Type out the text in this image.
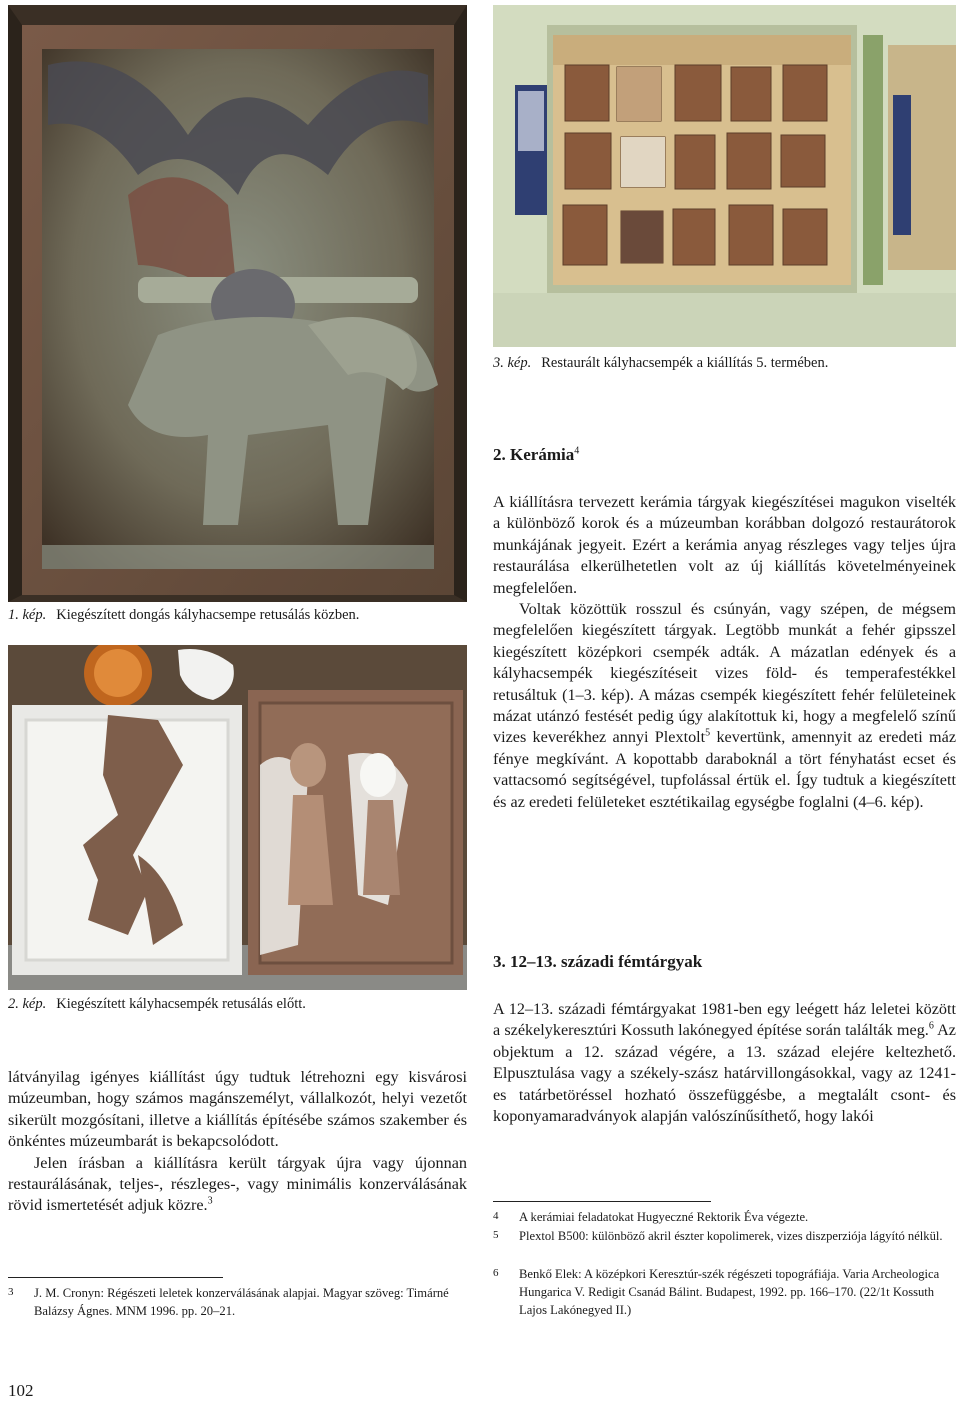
1. kép. Kiegészített dongás kályhacsempe retusálás közben.
2. kép. Kiegészített kályhacsempék retusálás előtt.
3. kép. Restaurált kályhacsempék a kiállítás 5. termében.

látványilag igényes kiállítást úgy tudtuk létrehozni egy kisvárosi múzeumban, hogy számos magánszemélyt, vállalkozót, helyi vezetőt sikerült mozgósítani, illetve a kiállítás építésébe számos szakember és önkéntes múzeumbarát is bekapcsolódott.

Jelen írásban a kiállításra került tárgyak újra vagy újonnan restaurálásának, teljes-, részleges-, vagy minimális konzerválásának rövid ismertetését adjuk közre.$^3$

3 J. M. Cronyn: Régészeti leletek konzerválásának alapjai. Magyar szöveg: Timárné Balázsy Ágnes. MNM 1996. pp. 20–21.
2. Kerámia$^4$

A kiállításra tervezett kerámia tárgyak kiegészítései magukon viselték a különböző korok és a múzeumban korábban dolgozó restaurátorok munkájának jegyeit. Ezért a kerámia anyag részleges vagy teljes újra restaurálása elkerülhetetlen volt az új kiállítás követelményeinek megfelelően.

Voltak közöttük rosszul és csúnyán, vagy szépen, de mégsem megfelelően kiegészített tárgyak. Legtöbb munkát a fehér gipsszel kiegészített középkori csempék adták. A mázatlan edények és a kályhacsempék kiegészítéseit vizes föld- és temperafestékkel retusáltuk (1–3. kép). A mázas csempék kiegészített fehér felületeinek mázat utánzó festését pedig úgy alakítottuk ki, hogy a megfelelő színű vizes keverékhez annyi Plextolt$^5$ kevertünk, amennyit az eredeti máz fénye megkívánt. A kopottabb daraboknál a tört fényhatást ecset és vattacsomó segítségével, tupfolással értük el. Így tudtuk a kiegészített és az eredeti felületeket esztétikailag egységbe foglalni (4–6. kép).

3. 12–13. századi fémtárgyak

A 12–13. századi fémtárgyakat 1981-ben egy leégett ház leletei között a székelykeresztúri Kossuth lakónegyed építése során találták meg.$^6$ Az objektum a 12. század végére, a 13. század elejére keltezhető. Elpusztulása vagy a székely-szász határvillongásokkal, vagy az 1241-es tatárbetöréssel hozható összefüggésbe, a megtalált csont- és koponyamaradványok alapján valószínűsíthető, hogy lakói

4 A kerámiai feladatokat Hugyeczné Rektorik Éva végezte.
5 Plextol B500: különböző akril észter kopolimerek, vizes diszperziója lágyító nélkül.
6 Benkő Elek: A középkori Keresztúr-szék régészeti topográfiája. Varia Archeologica Hungarica V. Redigit Csanád Bálint. Budapest, 1992. pp. 166–170. (22/1t Kossuth Lajos Lakónegyed II.)
102
